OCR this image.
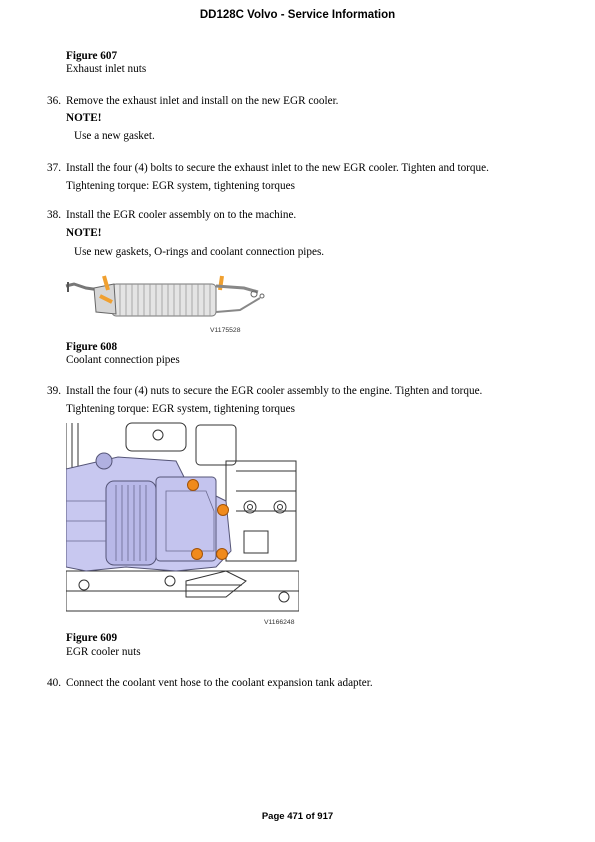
DD128C Volvo - Service Information
Figure 607
Exhaust inlet nuts
36. Remove the exhaust inlet and install on the new EGR cooler.
NOTE!
Use a new gasket.
37. Install the four (4) bolts to secure the exhaust inlet to the new EGR cooler. Tighten and torque.
Tightening torque: EGR system, tightening torques
38. Install the EGR cooler assembly on to the machine.
NOTE!
Use new gaskets, O-rings and coolant connection pipes.
V1175528
Figure 608
Coolant connection pipes
39. Install the four (4) nuts to secure the EGR cooler assembly to the engine. Tighten and torque.
Tightening torque: EGR system, tightening torques
V1166248
Figure 609
EGR cooler nuts
40. Connect the coolant vent hose to the coolant expansion tank adapter.
Page 471 of 917
